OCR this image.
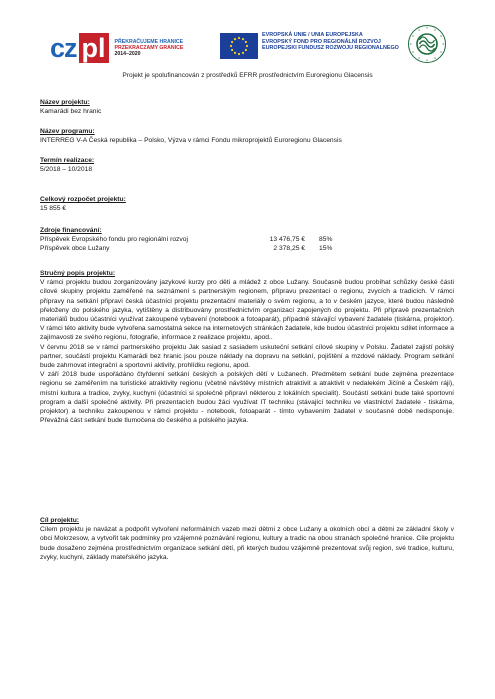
cz pl	PŘEKRAČUJEME HRANICE
PRZEKRACZAMY GRANICE
2014–2020
EVROPSKÁ UNIE / UNIA EUROPEJSKA
EVROPSKÝ FOND PRO REGIONÁLNÍ ROZVOJ
EUROPEJSKI FUNDUSZ ROZWOJU REGIONALNEGO
Projekt je spolufinancován z prostředků EFRR prostřednictvím Euroregionu Glacensis
Název projektu:
Kamarádi bez hranic
Název programu:
INTERREG V-A Česká republika – Polsko, Výzva v rámci Fondu mikroprojektů Euroregionu Glacensis
Termín realizace:
5/2018 – 10/2018
Celkový rozpočet projektu:
15 855 €
Zdroje financování:
Příspěvek Evropského fondu pro regionální rozvoj	13 476,75 € 85%
Příspěvek obce Lužany	2 378,25 € 15%
Stručný popis projektu:

V rámci projektu budou zorganizovány jazykové kurzy pro děti a mládež z obce Lužany. Současně budou probíhat schůzky české části cílové skupiny projektu zaměřené na seznámení s partnerským regionem, přípravu prezentací o regionu, zvycích a tradicích. V rámci přípravy na setkání připraví česká účastníci projektu prezentační materiály o svém regionu, a to v českém jazyce, které budou následně přeloženy do polského jazyka, vytištěny a distribuovány prostřednictvím organizací zapojených do projektu. Při přípravě prezentačních materiálů budou účastníci využívat zakoupené vybavení (notebook a fotoaparát), případně stávající vybavení žadatele (tiskárna, projektor). V rámci této aktivity bude vytvořena samostatná sekce na internetových stránkách žadatele, kde budou účastníci projektu sdílet informace a zajímavosti ze svého regionu, fotografie, informace z realizace projektu, apod..

V červnu 2018 se v rámci partnerského projektu Jak sasiad z sasiadem uskuteční setkání cílové skupiny v Polsku. Žadatel zajistí polský partner, součástí projektu Kamarádi bez hranic jsou pouze náklady na dopravu na setkání, pojištění a mzdové náklady. Program setkání bude zahrnovat integrační a sportovní aktivity, prohlídku regionu, apod.

V září 2018 bude uspořádáno čtyřdenní setkání českých a polských dětí v Lužanech. Předmětem setkání bude zejména prezentace regionu se zaměřením na turistické atraktivity regionu (včetně návštěvy místních atraktivit a atraktivit v nedalekém Jičíně a Českém ráji), místní kultura a tradice, zvyky, kuchyni (účastníci si společně připraví některou z lokálních specialit). Součástí setkání bude také sportovní program a další společné aktivity. Při prezentacích budou žáci využívat IT techniku (stávající techniku ve vlastnictví žadatele - tiskárna, projektor) a techniku zakoupenou v rámci projektu - notebook, fotoaparát - tímto vybavením žadatel v současné době nedisponuje. Převážná část setkání bude tlumočena do českého a polského jazyka.

Cíl projektu:

Cílem projektu je navázat a podpořit vytvoření neformálních vazeb mezi dětmi z obce Lužany a okolních obcí a dětmi ze základní školy v obci Mokrzesow, a vytvořit tak podmínky pro vzájemné poznávání regionu, kultury a tradic na obou stranách společné hranice. Cíle projektu bude dosaženo zejména prostřednictvím organizace setkání dětí, při kterých budou vzájemně prezentovat svůj region, své tradice, kulturu, zvyky, kuchyni, základy mateřského jazyka.
